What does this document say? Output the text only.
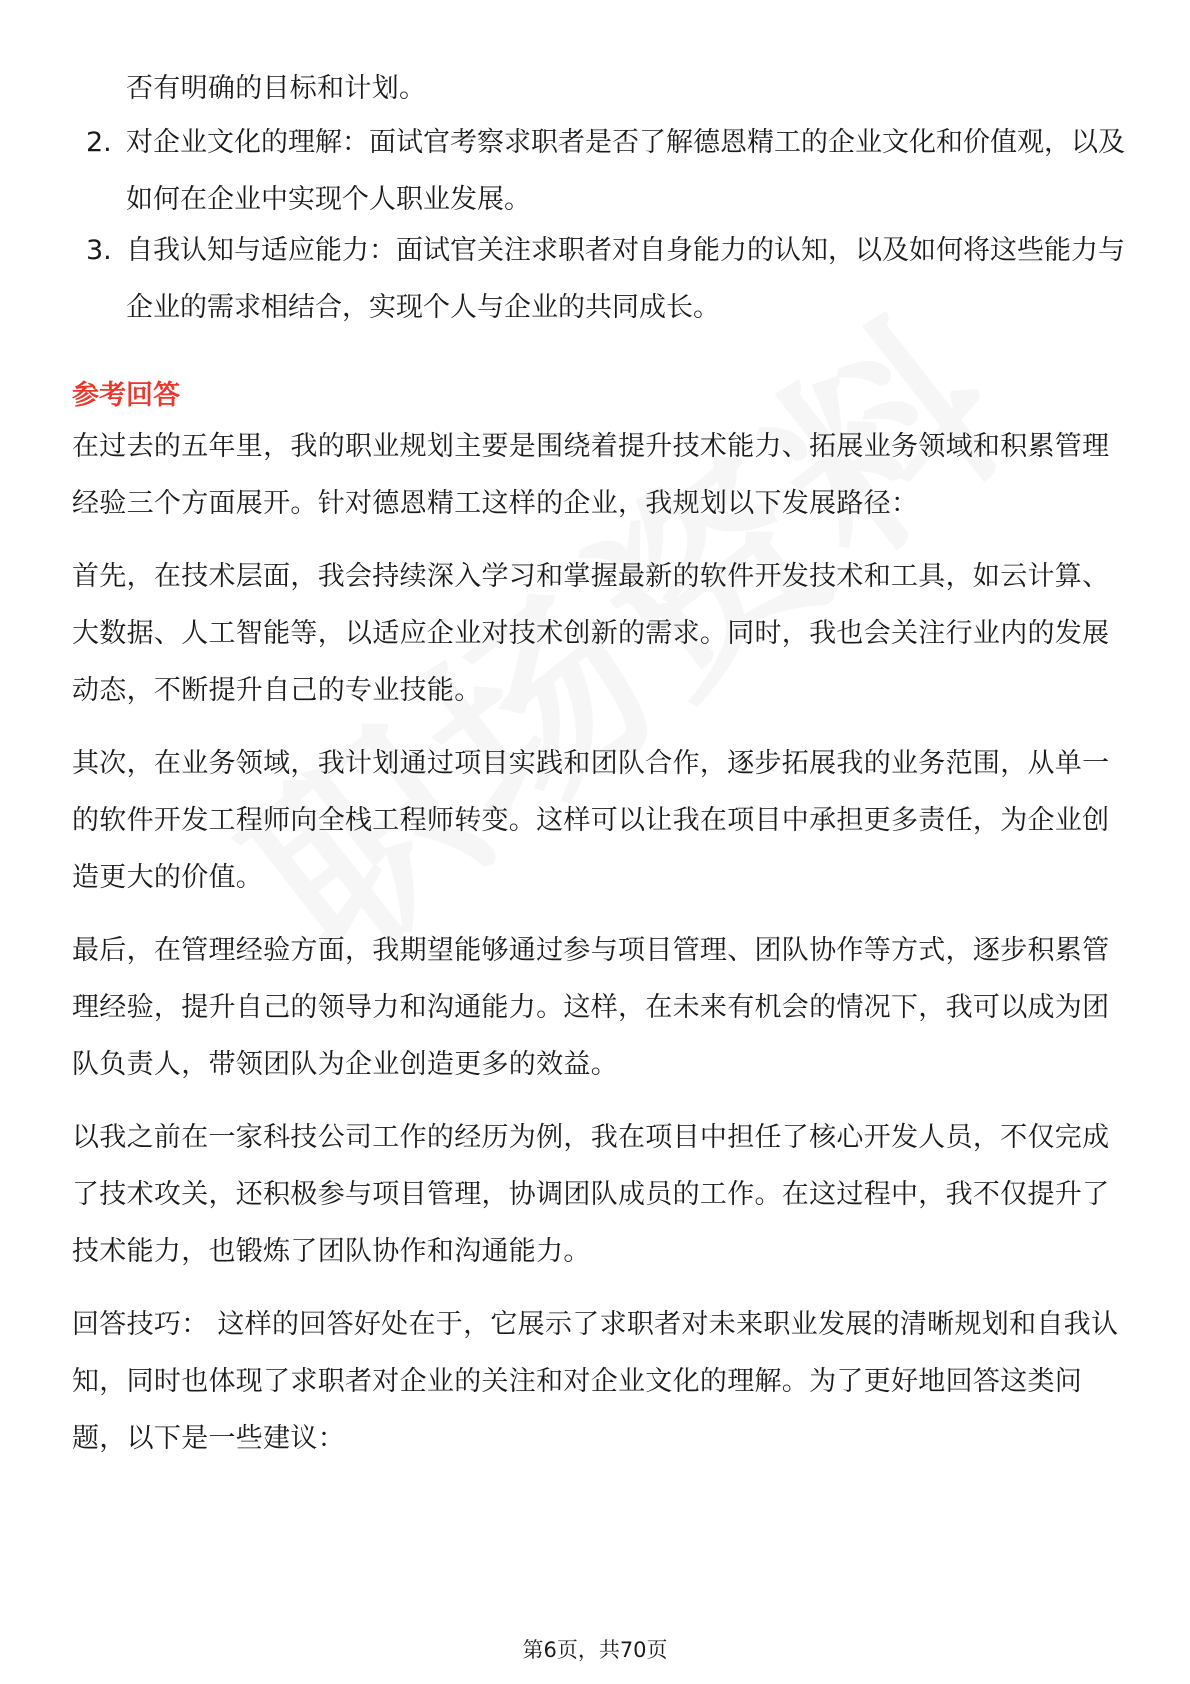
否有明确的目标和计划。
2. 对企业文化的理解：面试官考察求职者是否了解德恩精工的企业文化和价值观，以及如何在企业中实现个人职业发展。
3. 自我认知与适应能力：面试官关注求职者对自身能力的认知，以及如何将这些能力与企业的需求相结合，实现个人与企业的共同成长。
参考回答
在过去的五年里，我的职业规划主要是围绕着提升技术能力、拓展业务领域和积累管理经验三个方面展开。针对德恩精工这样的企业，我规划以下发展路径：
首先，在技术层面，我会持续深入学习和掌握最新的软件开发技术和工具，如云计算、大数据、人工智能等，以适应企业对技术创新的需求。同时，我也会关注行业内的发展动态，不断提升自己的专业技能。
其次，在业务领域，我计划通过项目实践和团队合作，逐步拓展我的业务范围，从单一的软件开发工程师向全栈工程师转变。这样可以让我在项目中承担更多责任，为企业创造更大的价值。
最后，在管理经验方面，我期望能够通过参与项目管理、团队协作等方式，逐步积累管理经验，提升自己的领导力和沟通能力。这样，在未来有机会的情况下，我可以成为团队负责人，带领团队为企业创造更多的效益。
以我之前在一家科技公司工作的经历为例，我在项目中担任了核心开发人员，不仅完成了技术攻关，还积极参与项目管理，协调团队成员的工作。在这过程中，我不仅提升了技术能力，也锻炼了团队协作和沟通能力。
回答技巧： 这样的回答好处在于，它展示了求职者对未来职业发展的清晰规划和自我认知，同时也体现了求职者对企业的关注和对企业文化的理解。为了更好地回答这类问题，以下是一些建议：
第6页，共70页
